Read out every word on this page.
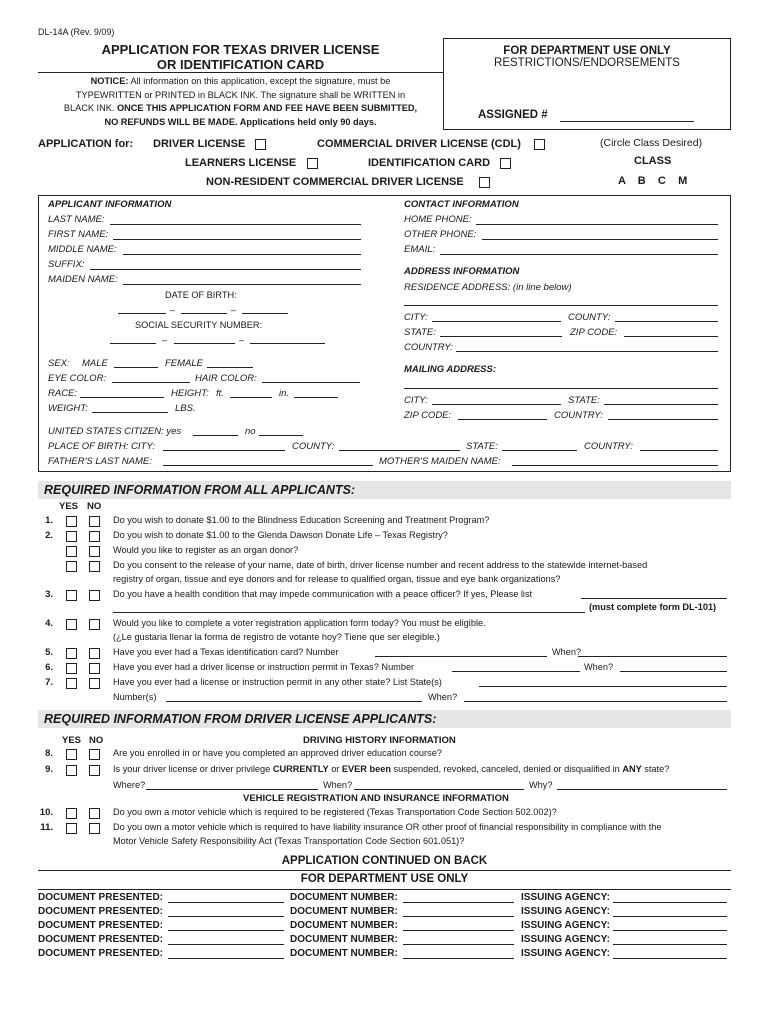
DL-14A (Rev. 9/09)
APPLICATION FOR TEXAS DRIVER LICENSE
OR IDENTIFICATION CARD
NOTICE: All information on this application, except the signature, must be
TYPEWRITTEN or PRINTED in BLACK INK. The signature shall be WRITTEN in
BLACK INK. ONCE THIS APPLICATION FORM AND FEE HAVE BEEN SUBMITTED,
NO REFUNDS WILL BE MADE. Applications held only 90 days.
FOR DEPARTMENT USE ONLY
RESTRICTIONS/ENDORSEMENTS
ASSIGNED #
APPLICATION for: DRIVER LICENSE	COMMERCIAL DRIVER LICENSE (CDL)	(Circle Class Desired)
LEARNERS LICENSE	IDENTIFICATION CARD	CLASS
NON-RESIDENT COMMERCIAL DRIVER LICENSE	A    B    C    M
APPLICANT INFORMATION
LAST NAME:
FIRST NAME:
MIDDLE NAME:
SUFFIX:
MAIDEN NAME:
DATE OF BIRTH:
–	–
SOCIAL SECURITY NUMBER:
–	–
SEX: MALE	FEMALE
EYE COLOR:	HAIR COLOR:
RACE:	HEIGHT: ft.	in.
WEIGHT:	LBS.
UNITED STATES CITIZEN: yes	no
PLACE OF BIRTH: CITY:	COUNTY:	STATE:	COUNTRY:
FATHER'S LAST NAME:	MOTHER'S MAIDEN NAME:
CONTACT INFORMATION
HOME PHONE:
OTHER PHONE:
EMAIL:
ADDRESS INFORMATION
RESIDENCE ADDRESS: (in line below)
CITY:	COUNTY:
STATE:	ZIP CODE:
COUNTRY:
MAILING ADDRESS:
CITY:	STATE:
ZIP CODE:	COUNTRY:
REQUIRED INFORMATION FROM ALL APPLICANTS:
YES NO
1.	Do you wish to donate $1.00 to the Blindness Education Screening and Treatment Program?
2.	Do you wish to donate $1.00 to the Glenda Dawson Donate Life – Texas Registry?
Would you like to register as an organ donor?
Do you consent to the release of your name, date of birth, driver license number and recent address to the statewide internet-based
registry of organ, tissue and eye donors and for release to qualified organ, tissue and eye bank organizations?
3.	Do you have a health condition that may impede communication with a peace officer? If yes, Please list
(must complete form DL-101)
4.	Would you like to complete a voter registration application form today? You must be eligible.
(¿Le gustaria llenar la forma de registro de votante hoy? Tiene que ser elegible.)
5.	Have you ever had a Texas identification card? Number	When?
6.	Have you ever had a driver license or instruction permit in Texas? Number	When?
7.	Have you ever had a license or instruction permit in any other state? List State(s)
Number(s)	When?
REQUIRED INFORMATION FROM DRIVER LICENSE APPLICANTS:
YES NO	DRIVING HISTORY INFORMATION
8.	Are you enrolled in or have you completed an approved driver education course?
9.	Is your driver license or driver privilege CURRENTLY or EVER been suspended, revoked, canceled, denied or disqualified in ANY state?
Where?	When?	Why?
VEHICLE REGISTRATION AND INSURANCE INFORMATION
10.	Do you own a motor vehicle which is required to be registered (Texas Transportation Code Section 502.002)?
11.	Do you own a motor vehicle which is required to have liability insurance OR other proof of financial responsibility in compliance with the
Motor Vehicle Safety Responsibility Act (Texas Transportation Code Section 601.051)?
APPLICATION CONTINUED ON BACK
FOR DEPARTMENT USE ONLY
DOCUMENT PRESENTED:	DOCUMENT NUMBER:	ISSUING AGENCY:
DOCUMENT PRESENTED:	DOCUMENT NUMBER:	ISSUING AGENCY:
DOCUMENT PRESENTED:	DOCUMENT NUMBER:	ISSUING AGENCY:
DOCUMENT PRESENTED:	DOCUMENT NUMBER:	ISSUING AGENCY:
DOCUMENT PRESENTED:	DOCUMENT NUMBER:	ISSUING AGENCY:
